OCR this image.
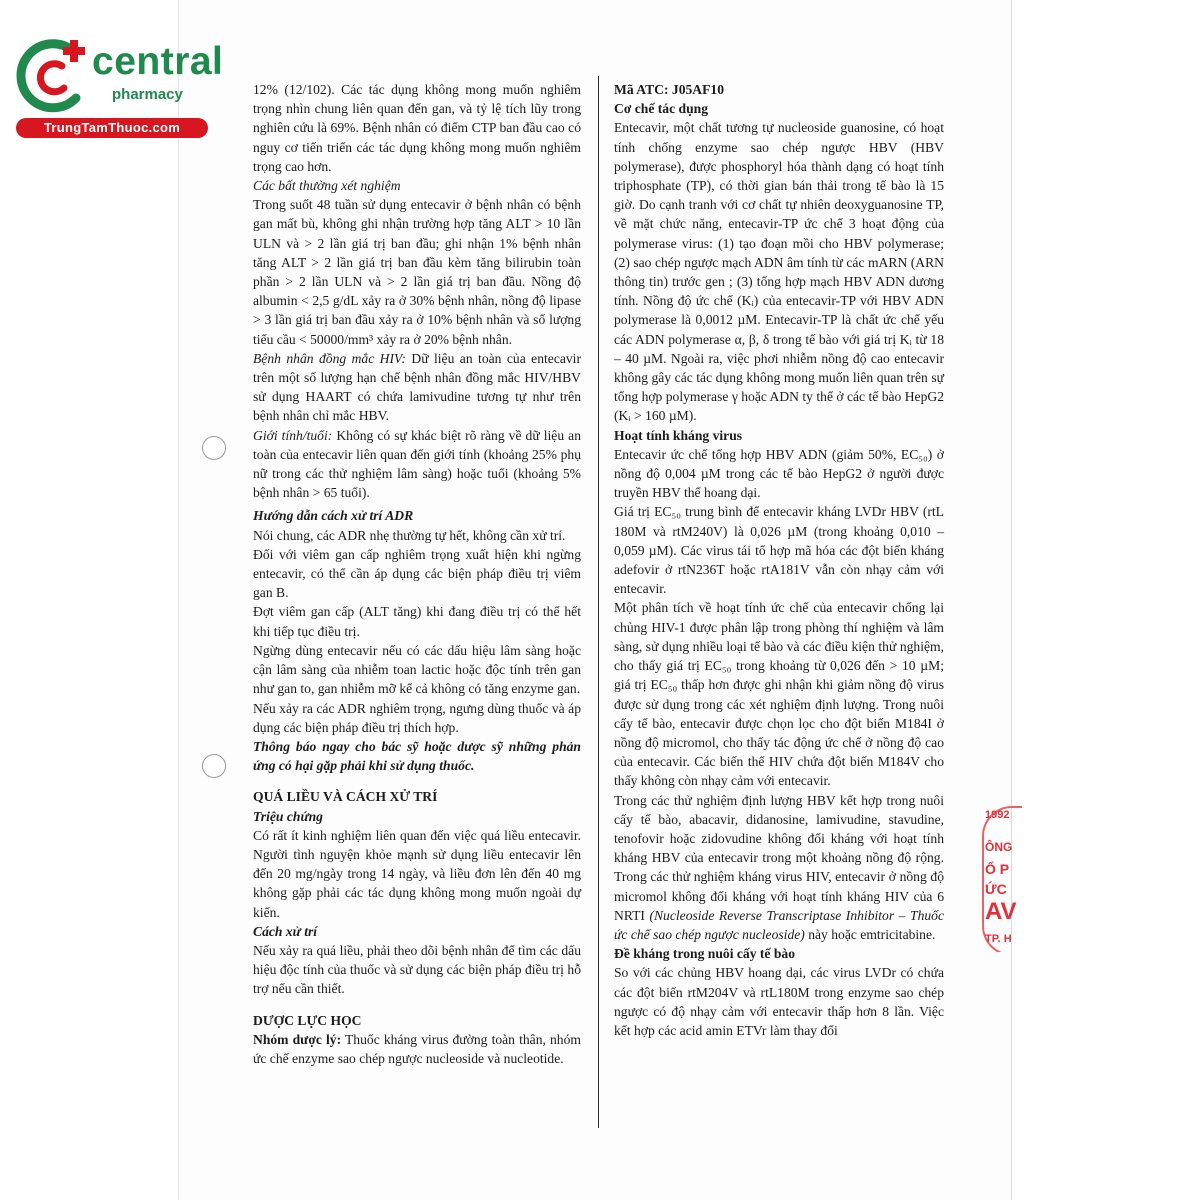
central
pharmacy
TrungTamThuoc.com

12% (12/102). Các tác dụng không mong muốn nghiêm trọng nhìn chung liên quan đến gan, và tỷ lệ tích lũy trong nghiên cứu là 69%. Bệnh nhân có điểm CTP ban đầu cao có nguy cơ tiến triển các tác dụng không mong muốn nghiêm trọng cao hơn.

Các bất thường xét nghiệm

Trong suốt 48 tuần sử dụng entecavir ở bệnh nhân có bệnh gan mất bù, không ghi nhận trường hợp tăng ALT > 10 lần ULN và > 2 lần giá trị ban đầu; ghi nhận 1% bệnh nhân tăng ALT > 2 lần giá trị ban đầu kèm tăng bilirubin toàn phần > 2 lần ULN và > 2 lần giá trị ban đầu. Nồng độ albumin < 2,5 g/dL xảy ra ở 30% bệnh nhân, nồng độ lipase > 3 lần giá trị ban đầu xảy ra ở 10% bệnh nhân và số lượng tiểu cầu < 50000/mm³ xảy ra ở 20% bệnh nhân.

Bệnh nhân đồng mắc HIV: Dữ liệu an toàn của entecavir trên một số lượng hạn chế bệnh nhân đồng mắc HIV/HBV sử dụng HAART có chứa lamivudine tương tự như trên bệnh nhân chỉ mắc HBV.

Giới tính/tuổi: Không có sự khác biệt rõ ràng về dữ liệu an toàn của entecavir liên quan đến giới tính (khoảng 25% phụ nữ trong các thử nghiệm lâm sàng) hoặc tuổi (khoảng 5% bệnh nhân > 65 tuổi).

Hướng dẫn cách xử trí ADR

Nói chung, các ADR nhẹ thường tự hết, không cần xử trí.

Đối với viêm gan cấp nghiêm trọng xuất hiện khi ngừng entecavir, có thể cần áp dụng các biện pháp điều trị viêm gan B.

Đợt viêm gan cấp (ALT tăng) khi đang điều trị có thể hết khi tiếp tục điều trị.

Ngừng dùng entecavir nếu có các dấu hiệu lâm sàng hoặc cận lâm sàng của nhiễm toan lactic hoặc độc tính trên gan như gan to, gan nhiễm mỡ kể cả không có tăng enzyme gan.

Nếu xảy ra các ADR nghiêm trọng, ngưng dùng thuốc và áp dụng các biện pháp điều trị thích hợp.

Thông báo ngay cho bác sỹ hoặc dược sỹ những phản ứng có hại gặp phải khi sử dụng thuốc.

QUÁ LIỀU VÀ CÁCH XỬ TRÍ

Triệu chứng

Có rất ít kinh nghiệm liên quan đến việc quá liều entecavir. Người tình nguyện khỏe mạnh sử dụng liều entecavir lên đến 20 mg/ngày trong 14 ngày, và liều đơn lên đến 40 mg không gặp phải các tác dụng không mong muốn ngoài dự kiến.

Cách xử trí

Nếu xảy ra quá liều, phải theo dõi bệnh nhân để tìm các dấu hiệu độc tính của thuốc và sử dụng các biện pháp điều trị hỗ trợ nếu cần thiết.

DƯỢC LỰC HỌC

Nhóm dược lý: Thuốc kháng virus đường toàn thân, nhóm ức chế enzyme sao chép ngược nucleoside và nucleotide.

Mã ATC: J05AF10

Cơ chế tác dụng

Entecavir, một chất tương tự nucleoside guanosine, có hoạt tính chống enzyme sao chép ngược HBV (HBV polymerase), được phosphoryl hóa thành dạng có hoạt tính triphosphate (TP), có thời gian bán thải trong tế bào là 15 giờ. Do cạnh tranh với cơ chất tự nhiên deoxyguanosine TP, về mặt chức năng, entecavir-TP ức chế 3 hoạt động của polymerase virus: (1) tạo đoạn mồi cho HBV polymerase; (2) sao chép ngược mạch ADN âm tính từ các mARN (ARN thông tin) trước gen ; (3) tổng hợp mạch HBV ADN dương tính. Nồng độ ức chế (Kᵢ) của entecavir-TP với HBV ADN polymerase là 0,0012 µM. Entecavir-TP là chất ức chế yếu các ADN polymerase α, β, δ trong tế bào với giá trị Kᵢ từ 18 – 40 µM. Ngoài ra, việc phơi nhiễm nồng độ cao entecavir không gây các tác dụng không mong muốn liên quan trên sự tổng hợp polymerase γ hoặc ADN ty thể ở các tế bào HepG2 (Kᵢ > 160 µM).

Hoạt tính kháng virus

Entecavir ức chế tổng hợp HBV ADN (giảm 50%, EC₅₀) ở nồng độ 0,004 µM trong các tế bào HepG2 ở người được truyền HBV thể hoang dại.

Giá trị EC₅₀ trung bình để entecavir kháng LVDr HBV (rtL 180M và rtM240V) là 0,026 µM (trong khoảng 0,010 – 0,059 µM). Các virus tái tổ hợp mã hóa các đột biến kháng adefovir ở rtN236T hoặc rtA181V vẫn còn nhạy cảm với entecavir.

Một phân tích về hoạt tính ức chế của entecavir chống lại chủng HIV-1 được phân lập trong phòng thí nghiệm và lâm sàng, sử dụng nhiều loại tế bào và các điều kiện thử nghiệm, cho thấy giá trị EC₅₀ trong khoảng từ 0,026 đến > 10 µM; giá trị EC₅₀ thấp hơn được ghi nhận khi giảm nồng độ virus được sử dụng trong các xét nghiệm định lượng. Trong nuôi cấy tế bào, entecavir được chọn lọc cho đột biến M184I ở nồng độ micromol, cho thấy tác động ức chế ở nồng độ cao của entecavir. Các biến thể HIV chứa đột biến M184V cho thấy không còn nhạy cảm với entecavir.

Trong các thử nghiệm định lượng HBV kết hợp trong nuôi cấy tế bào, abacavir, didanosine, lamivudine, stavudine, tenofovir hoặc zidovudine không đối kháng với hoạt tính kháng HBV của entecavir trong một khoảng nồng độ rộng. Trong các thử nghiệm kháng virus HIV, entecavir ở nồng độ micromol không đối kháng với hoạt tính kháng HIV của 6 NRTI (Nucleoside Reverse Transcriptase Inhibitor – Thuốc ức chế sao chép ngược nucleoside) này hoặc emtricitabine.

Đề kháng trong nuôi cấy tế bào

So với các chủng HBV hoang dại, các virus LVDr có chứa các đột biến rtM204V và rtL180M trong enzyme sao chép ngược có độ nhạy cảm với entecavir thấp hơn 8 lần. Việc kết hợp các acid amin ETVr làm thay đổi

1992
ÔNG
Ổ P
ỨC
AV
TP. H
